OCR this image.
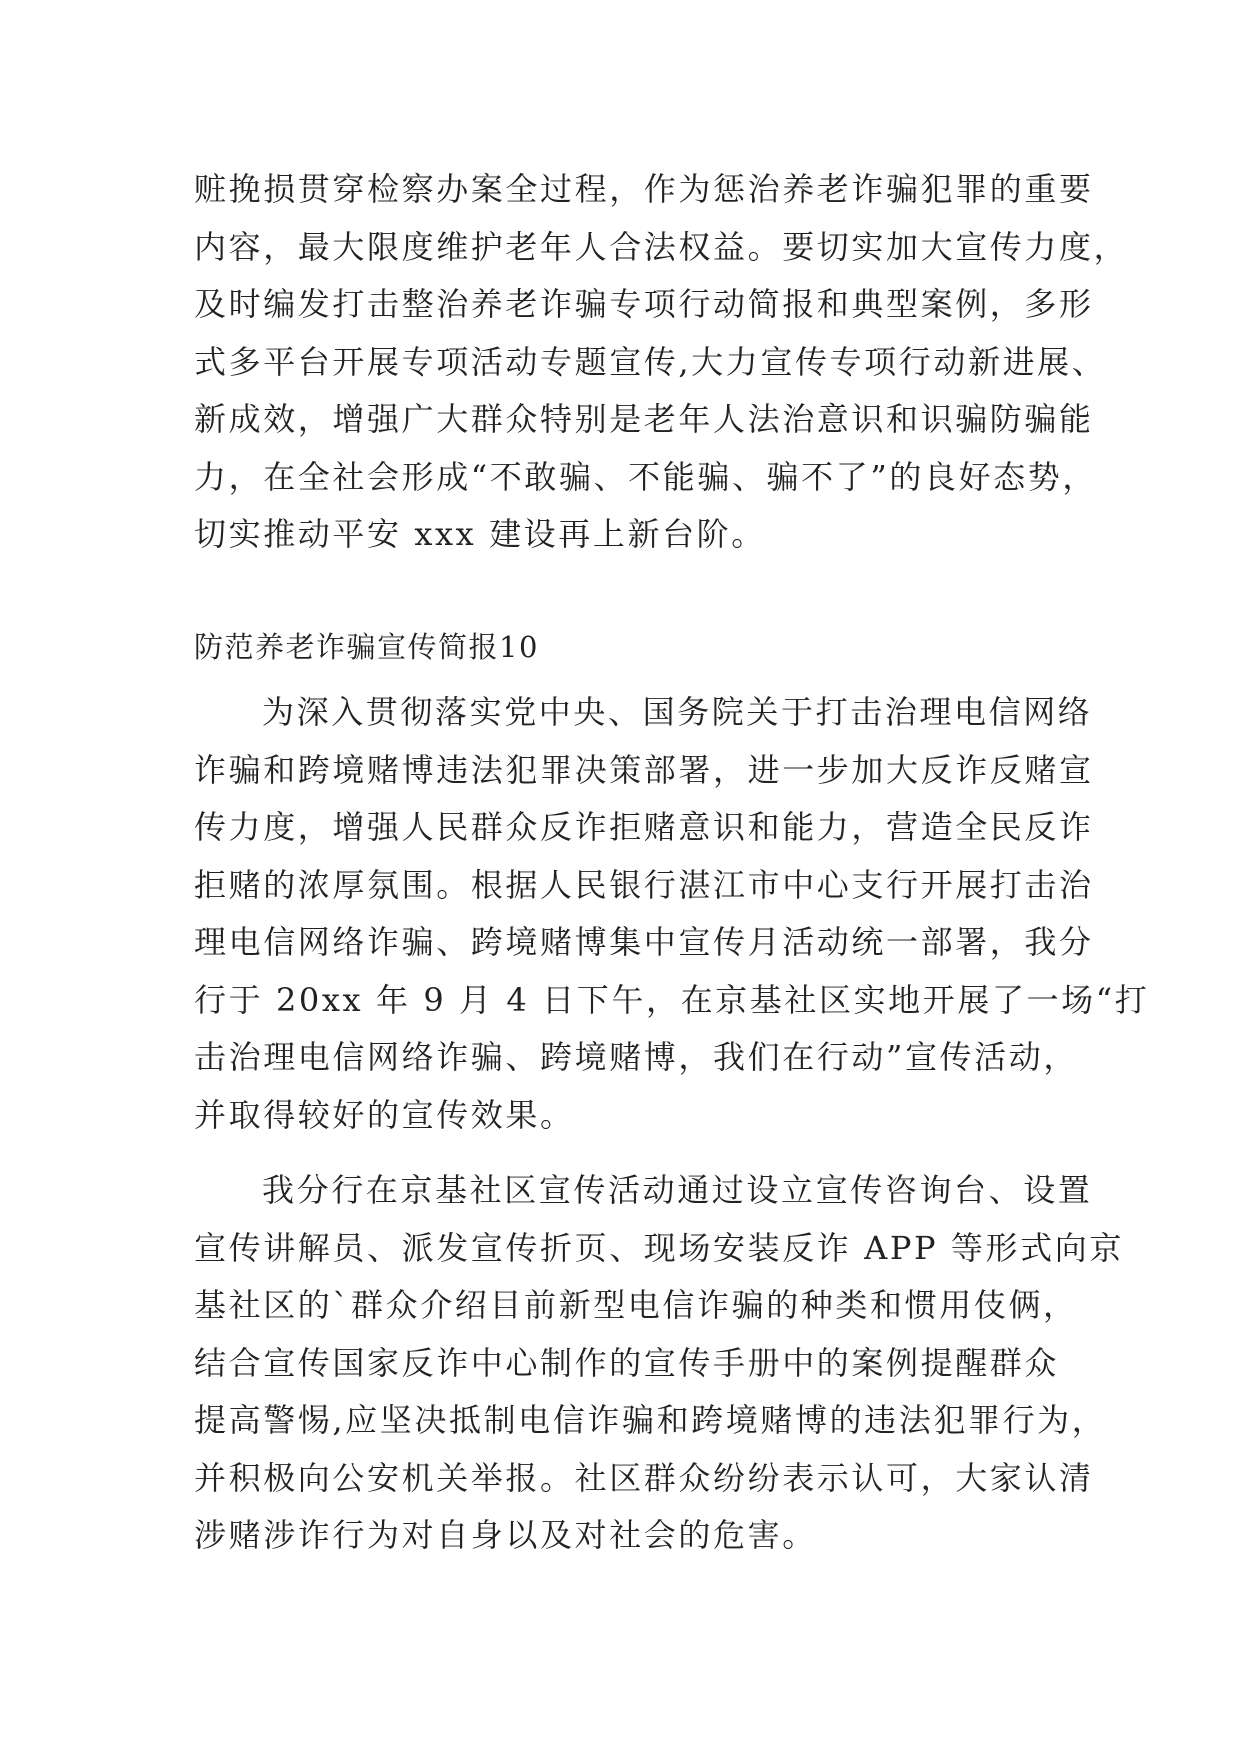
赃挽损贯穿检察办案全过程，作为惩治养老诈骗犯罪的重要
内容，最大限度维护老年人合法权益。要切实加大宣传力度，
及时编发打击整治养老诈骗专项行动简报和典型案例，多形
式多平台开展专项活动专题宣传,大力宣传专项行动新进展、
新成效，增强广大群众特别是老年人法治意识和识骗防骗能
力，在全社会形成“不敢骗、不能骗、骗不了”的良好态势，
切实推动平安 xxx 建设再上新台阶。
防范养老诈骗宣传简报10
为深入贯彻落实党中央、国务院关于打击治理电信网络
诈骗和跨境赌博违法犯罪决策部署，进一步加大反诈反赌宣
传力度，增强人民群众反诈拒赌意识和能力，营造全民反诈
拒赌的浓厚氛围。根据人民银行湛江市中心支行开展打击治
理电信网络诈骗、跨境赌博集中宣传月活动统一部署，我分
行于 20xx 年 9 月 4 日下午，在京基社区实地开展了一场“打
击治理电信网络诈骗、跨境赌博，我们在行动”宣传活动，
并取得较好的宣传效果。
我分行在京基社区宣传活动通过设立宣传咨询台、设置
宣传讲解员、派发宣传折页、现场安装反诈 APP 等形式向京
基社区的`群众介绍目前新型电信诈骗的种类和惯用伎俩，
结合宣传国家反诈中心制作的宣传手册中的案例提醒群众
提高警惕,应坚决抵制电信诈骗和跨境赌博的违法犯罪行为，
并积极向公安机关举报。社区群众纷纷表示认可，大家认清
涉赌涉诈行为对自身以及对社会的危害。
